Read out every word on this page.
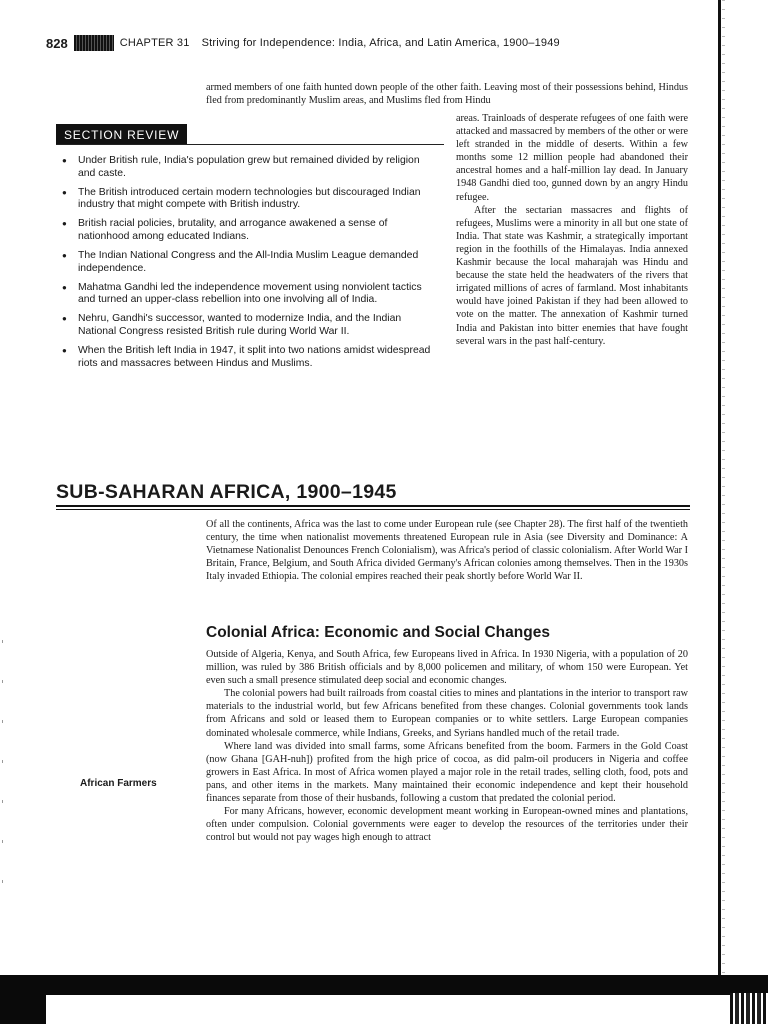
828	CHAPTER 31 Striving for Independence: India, Africa, and Latin America, 1900–1949

armed members of one faith hunted down people of the other faith. Leaving most of their possessions behind, Hindus fled from predominantly Muslim areas, and Muslims fled from Hindu

SECTION REVIEW
● Under British rule, India's population grew but remained divided by religion and caste.
● The British introduced certain modern technologies but discouraged Indian industry that might compete with British industry.
● British racial policies, brutality, and arrogance awakened a sense of nationhood among educated Indians.
● The Indian National Congress and the All-India Muslim League demanded independence.
● Mahatma Gandhi led the independence movement using nonviolent tactics and turned an upper-class rebellion into one involving all of India.
● Nehru, Gandhi's successor, wanted to modernize India, and the Indian National Congress resisted British rule during World War II.
● When the British left India in 1947, it split into two nations amidst widespread riots and massacres between Hindus and Muslims.

areas. Trainloads of desperate refugees of one faith were attacked and massacred by members of the other or were left stranded in the middle of deserts. Within a few months some 12 million people had abandoned their ancestral homes and a half-million lay dead. In January 1948 Gandhi died too, gunned down by an angry Hindu refugee.

After the sectarian massacres and flights of refugees, Muslims were a minority in all but one state of India. That state was Kashmir, a strategically important region in the foothills of the Himalayas. India annexed Kashmir because the local maharajah was Hindu and because the state held the headwaters of the rivers that irrigated millions of acres of farmland. Most inhabitants would have joined Pakistan if they had been allowed to vote on the matter. The annexation of Kashmir turned India and Pakistan into bitter enemies that have fought several wars in the past half-century.

SUB-SAHARAN AFRICA, 1900–1945

Of all the continents, Africa was the last to come under European rule (see Chapter 28). The first half of the twentieth century, the time when nationalist movements threatened European rule in Asia (see Diversity and Dominance: A Vietnamese Nationalist Denounces French Colonialism), was Africa's period of classic colonialism. After World War I Britain, France, Belgium, and South Africa divided Germany's African colonies among themselves. Then in the 1930s Italy invaded Ethiopia. The colonial empires reached their peak shortly before World War II.

Colonial Africa: Economic and Social Changes

Outside of Algeria, Kenya, and South Africa, few Europeans lived in Africa. In 1930 Nigeria, with a population of 20 million, was ruled by 386 British officials and by 8,000 policemen and military, of whom 150 were European. Yet even such a small presence stimulated deep social and economic changes.

The colonial powers had built railroads from coastal cities to mines and plantations in the interior to transport raw materials to the industrial world, but few Africans benefited from these changes. Colonial governments took lands from Africans and sold or leased them to European companies or to white settlers. Large European companies dominated wholesale commerce, while Indians, Greeks, and Syrians handled much of the retail trade.

Where land was divided into small farms, some Africans benefited from the boom. Farmers in the Gold Coast (now Ghana [GAH-nuh]) profited from the high price of cocoa, as did palm-oil producers in Nigeria and coffee growers in East Africa. In most of Africa women played a major role in the retail trades, selling cloth, food, pots and pans, and other items in the markets. Many maintained their economic independence and kept their household finances separate from those of their husbands, following a custom that predated the colonial period.

For many Africans, however, economic development meant working in European-owned mines and plantations, often under compulsion. Colonial governments were eager to develop the resources of the territories under their control but would not pay wages high enough to attract

African Farmers
